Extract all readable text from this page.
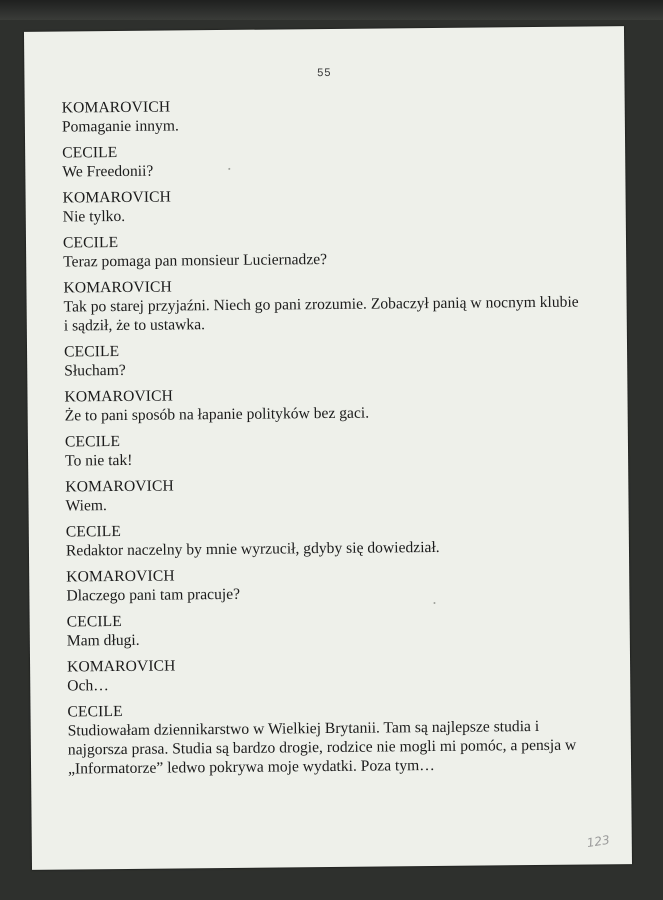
55
KOMAROVICH
Pomaganie innym.
CECILE
We Freedonii?
KOMAROVICH
Nie tylko.
CECILE
Teraz pomaga pan monsieur Luciernadze?
KOMAROVICH
Tak po starej przyjaźni. Niech go pani zrozumie. Zobaczył panią w nocnym klubie i sądził, że to ustawka.
CECILE
Słucham?
KOMAROVICH
Że to pani sposób na łapanie polityków bez gaci.
CECILE
To nie tak!
KOMAROVICH
Wiem.
CECILE
Redaktor naczelny by mnie wyrzucił, gdyby się dowiedział.
KOMAROVICH
Dlaczego pani tam pracuje?
CECILE
Mam długi.
KOMAROVICH
Och…
CECILE
Studiowałam dziennikarstwo w Wielkiej Brytanii. Tam są najlepsze studia i najgorsza prasa. Studia są bardzo drogie, rodzice nie mogli mi pomóc, a pensja w „Informatorze” ledwo pokrywa moje wydatki. Poza tym…
123
